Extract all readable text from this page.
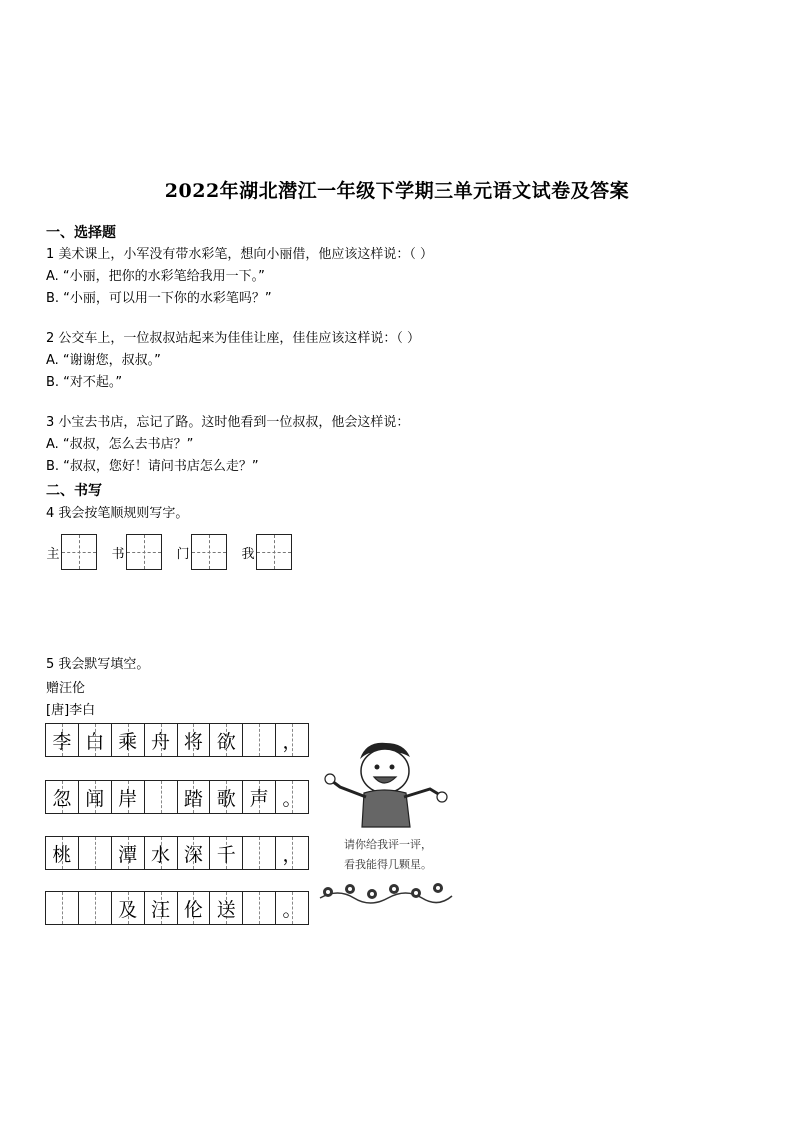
2022年湖北潜江一年级下学期三单元语文试卷及答案
一、选择题
1 美术课上，小军没有带水彩笔，想向小丽借，他应该这样说：（ ）
A. “小丽，把你的水彩笔给我用一下。”
B. “小丽，可以用一下你的水彩笔吗？”
2 公交车上，一位叔叔站起来为佳佳让座，佳佳应该这样说：（ ）
A. “谢谢您，叔叔。”
B. “对不起。”
3 小宝去书店，忘记了路。这时他看到一位叔叔，他会这样说：
A. “叔叔，怎么去书店？”
B. “叔叔，您好！请问书店怎么走？”
二、书写
4 我会按笔顺规则写字。
主	书	门	我
5 我会默写填空。
赠汪伦
[唐]李白
李 白 乘 舟 将 欲 ，
忽 闻 岸 踏 歌 声 。
桃 潭 水 深 千 ，
及 汪 伦 送 。
请你给我评一评，
看我能得几颗星。
